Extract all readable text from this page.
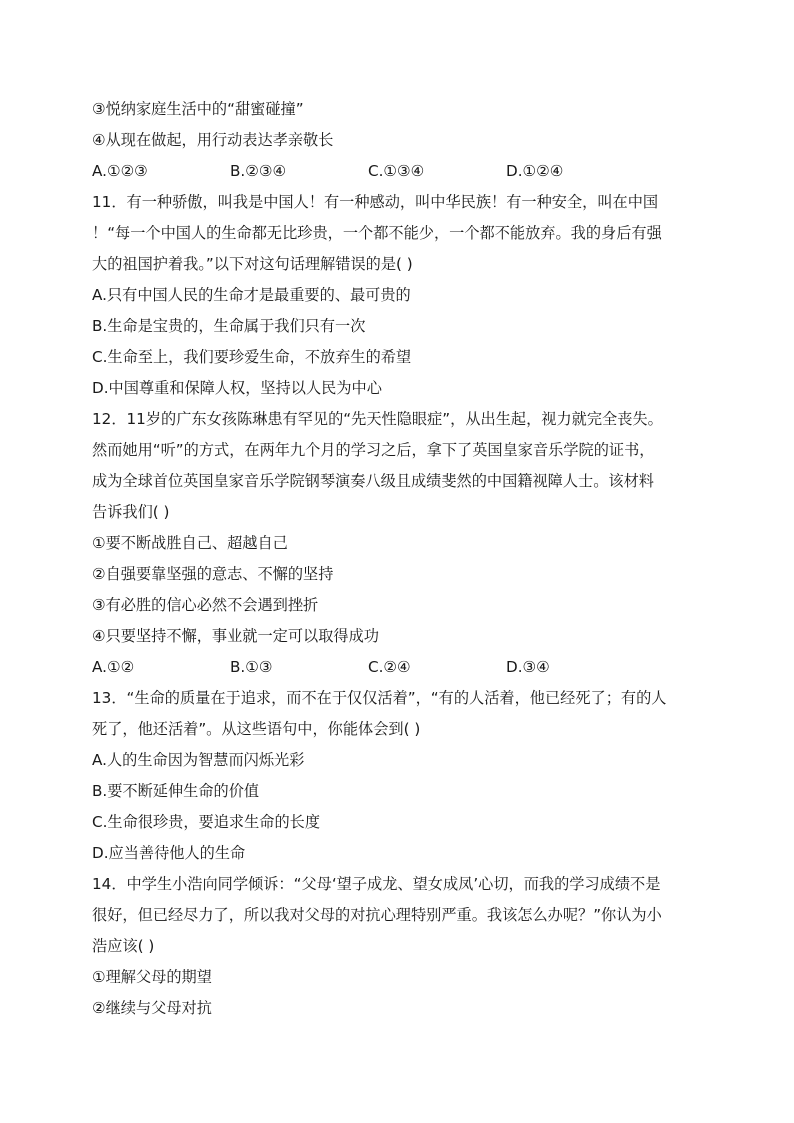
③悦纳家庭生活中的“甜蜜碰撞”
④从现在做起，用行动表达孝亲敬长
A.①②③	B.②③④	C.①③④	D.①②④
11．有一种骄傲，叫我是中国人！有一种感动，叫中华民族！有一种安全，叫在中国
！“每一个中国人的生命都无比珍贵，一个都不能少，一个都不能放弃。我的身后有强
大的祖国护着我。”以下对这句话理解错误的是( )
A.只有中国人民的生命才是最重要的、最可贵的
B.生命是宝贵的，生命属于我们只有一次
C.生命至上，我们要珍爱生命，不放弃生的希望
D.中国尊重和保障人权，坚持以人民为中心
12．11岁的广东女孩陈琳患有罕见的“先天性隐眼症”，从出生起，视力就完全丧失。
然而她用“听”的方式，在两年九个月的学习之后，拿下了英国皇家音乐学院的证书，
成为全球首位英国皇家音乐学院钢琴演奏八级且成绩斐然的中国籍视障人士。该材料
告诉我们( )
①要不断战胜自己、超越自己
②自强要靠坚强的意志、不懈的坚持
③有必胜的信心必然不会遇到挫折
④只要坚持不懈，事业就一定可以取得成功
A.①②	B.①③	C.②④	D.③④
13．“生命的质量在于追求，而不在于仅仅活着”，“有的人活着，他已经死了；有的人
死了，他还活着”。从这些语句中，你能体会到( )
A.人的生命因为智慧而闪烁光彩
B.要不断延伸生命的价值
C.生命很珍贵，要追求生命的长度
D.应当善待他人的生命
14．中学生小浩向同学倾诉：“父母‘望子成龙、望女成凤’心切，而我的学习成绩不是
很好，但已经尽力了，所以我对父母的对抗心理特别严重。我该怎么办呢？”你认为小
浩应该( )
①理解父母的期望
②继续与父母对抗
